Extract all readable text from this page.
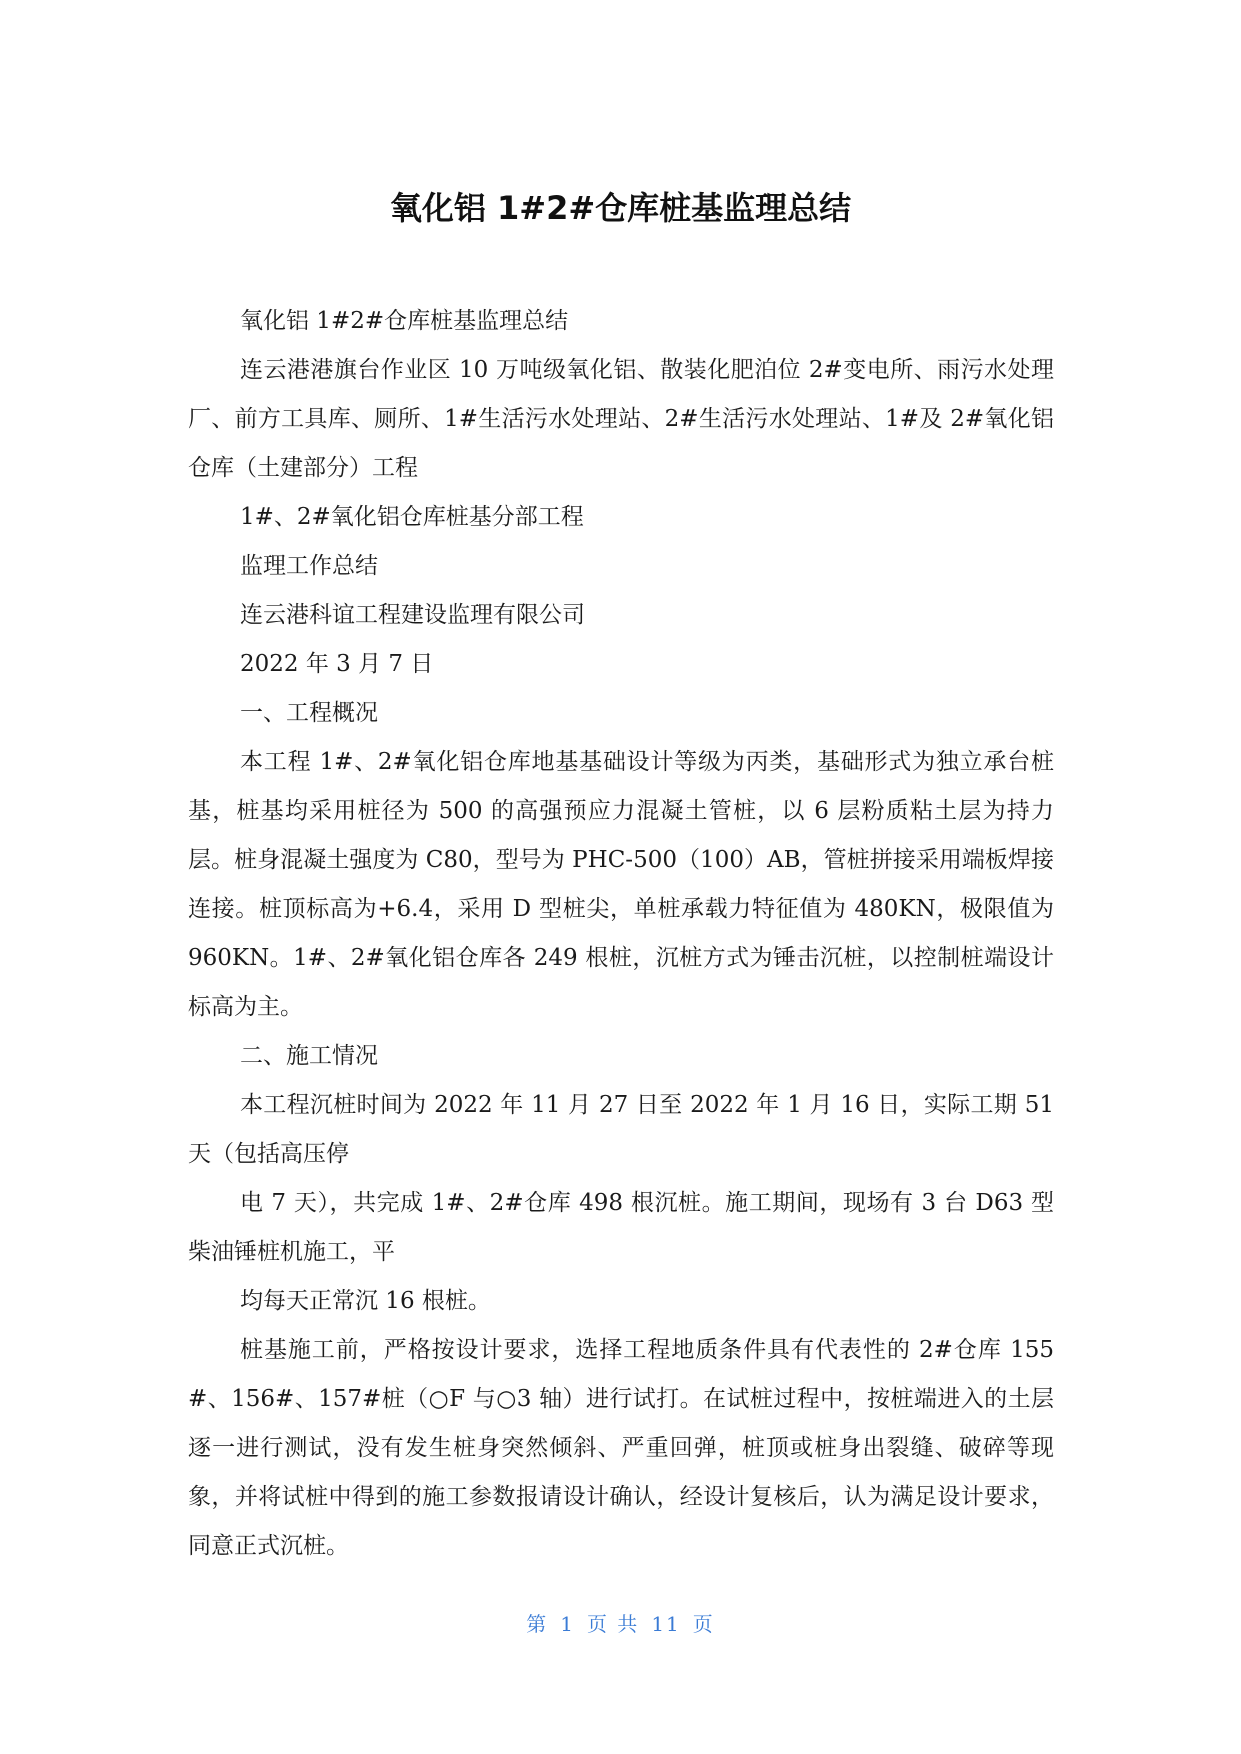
氧化铝 1#2#仓库桩基监理总结

氧化铝 1#2#仓库桩基监理总结

连云港港旗台作业区 10 万吨级氧化铝、散装化肥泊位 2#变电所、雨污水处理厂、前方工具库、厕所、1#生活污水处理站、2#生活污水处理站、1#及 2#氧化铝仓库（土建部分）工程

1#、2#氧化铝仓库桩基分部工程

监理工作总结

连云港科谊工程建设监理有限公司

2022 年 3 月 7 日

一、工程概况

本工程 1#、2#氧化铝仓库地基基础设计等级为丙类，基础形式为独立承台桩基，桩基均采用桩径为 500 的高强预应力混凝土管桩，以 6 层粉质粘土层为持力层。桩身混凝土强度为 C80，型号为 PHC-500（100）AB，管桩拼接采用端板焊接连接。桩顶标高为+6.4，采用 D 型桩尖，单桩承载力特征值为 480KN，极限值为 960KN。1#、2#氧化铝仓库各 249 根桩，沉桩方式为锤击沉桩，以控制桩端设计标高为主。

二、施工情况

本工程沉桩时间为 2022 年 11 月 27 日至 2022 年 1 月 16 日，实际工期 51 天（包括高压停

电 7 天），共完成 1#、2#仓库 498 根沉桩。施工期间，现场有 3 台 D63 型柴油锤桩机施工，平

均每天正常沉 16 根桩。

桩基施工前，严格按设计要求，选择工程地质条件具有代表性的 2#仓库 155#、156#、157#桩（○F 与○3 轴）进行试打。在试桩过程中，按桩端进入的土层逐一进行测试，没有发生桩身突然倾斜、严重回弹，桩顶或桩身出裂缝、破碎等现象，并将试桩中得到的施工参数报请设计确认，经设计复核后，认为满足设计要求，同意正式沉桩。

第 1 页 共 11 页
